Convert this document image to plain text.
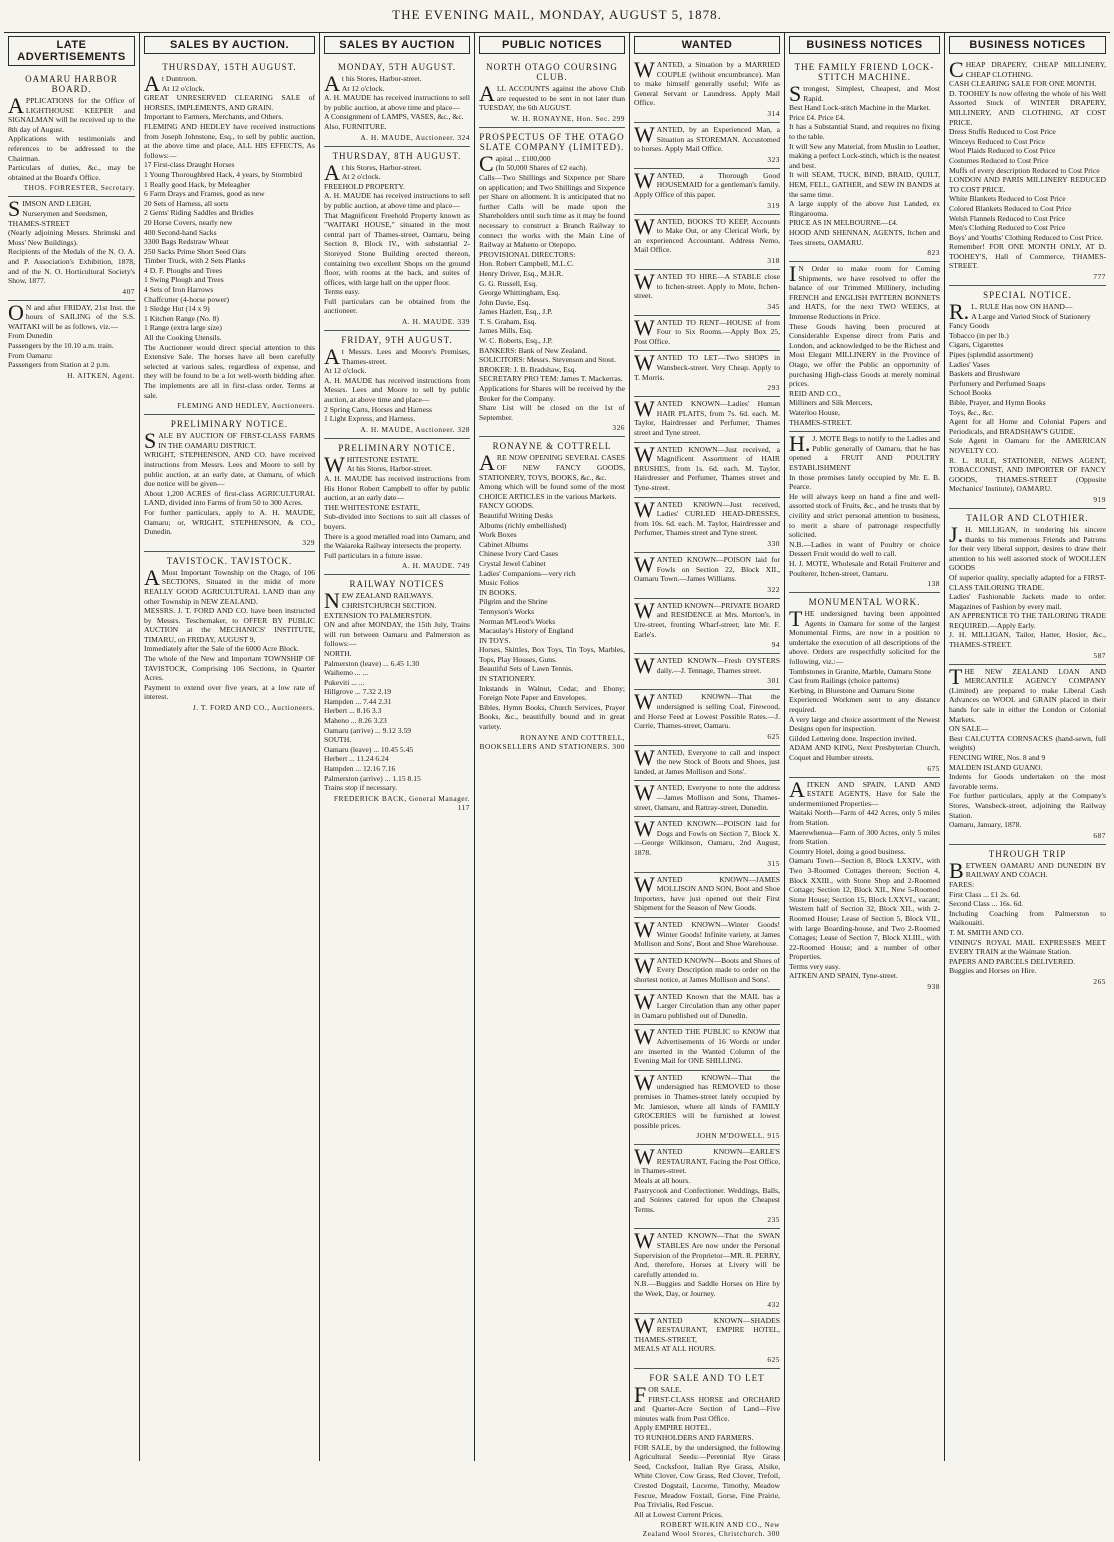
THE EVENING MAIL, MONDAY, AUGUST 5, 1878.
LATE ADVERTISEMENTS
OAMARU HARBOR BOARD.

APPLICATIONS for the Office of LIGHTHOUSE KEEPER and SIGNALMAN will be received up to the 8th day of August.
Applications with testimonials and references to be addressed to the Chairman.
Particulars of duties, &c., may be obtained at the Board's Office.

THOS. FORRESTER, Secretary.

SIMSON AND LEIGH,
Nurserymen and Seedsmen,
THAMES-STREET
(Nearly adjoining Messrs. Shrimski and Moss' New Buildings).
Recipients of the Medals of the N. O. A. and P. Association's Exhibition, 1878, and of the N. O. Horticultural Society's Show, 1877.

407

ON and after FRIDAY, 21st Inst. the hours of SAILING of the S.S. WAITAKI will be as follows, viz.—
From Dunedin
Passengers by the 10.10 a.m. train.
From Oamaru:
Passengers from Station at 2 p.m.

H. AITKEN, Agent.
SALES BY AUCTION.
THURSDAY, 15TH AUGUST.

At Duntroon.
At 12 o'clock.
GREAT UNRESERVED CLEARING SALE of HORSES, IMPLEMENTS, AND GRAIN.
Important to Farmers, Merchants, and Others.
FLEMING AND HEDLEY have received instructions from Joseph Johnstone, Esq., to sell by public auction, at the above time and place, ALL HIS EFFECTS, As follows:—
17 First-class Draught Horses
1 Young Thoroughbred Hack, 4 years, by Stormbird
1 Really good Hack, by Meleagher
6 Farm Drays and Frames, good as new
20 Sets of Harness, all sorts
2 Gents' Riding Saddles and Bridles
20 Horse Covers, nearly new
400 Second-hand Sacks
3300 Bags Redstraw Wheat
250 Sacks Prime Short Seed Oats
Timber Truck, with 2 Sets Planks
4 D. F. Ploughs and Trees
1 Swing Plough and Trees
4 Sets of Iron Harrows
Chaffcutter (4-horse power)
1 Sledge Hut (14 x 9)
1 Kitchen Range (No. 8)
1 Range (extra large size)
All the Cooking Utensils.
The Auctioneer would direct special attention to this Extensive Sale. The horses have all been carefully selected at various sales, regardless of expense, and they will be found to be a lot well-worth bidding after. The implements are all in first-class order. Terms at sale.

FLEMING AND HEDLEY, Auctioneers.
PRELIMINARY NOTICE.

SALE BY AUCTION OF FIRST-CLASS FARMS IN THE OAMARU DISTRICT.
WRIGHT, STEPHENSON, AND CO. have received instructions from Messrs. Lees and Moore to sell by public auction, at an early date, at Oamaru, of which due notice will be given—
About 1,200 ACRES of first-class AGRICULTURAL LAND, divided into Farms of from 50 to 300 Acres.
For further particulars, apply to A. H. MAUDE, Oamaru; or, WRIGHT, STEPHENSON, & CO., Dunedin.

329
TAVISTOCK. TAVISTOCK.

AMost Important Township on the Otago, of 106 SECTIONS, Situated in the midst of more REALLY GOOD AGRICULTURAL LAND than any other Township in NEW ZEALAND.
MESSRS. J. T. FORD AND CO. have been instructed by Messrs. Teschemaker, to OFFER BY PUBLIC AUCTION at the MECHANICS' INSTITUTE, TIMARU, on FRIDAY, AUGUST 9,
Immediately after the Sale of the 6000 Acre Block.
The whole of the New and Important TOWNSHIP OF TAVISTOCK, Comprising 106 Sections, in Quarter Acres.
Payment to extend over five years, at a low rate of interest.

J. T. FORD AND CO., Auctioneers.
SALES BY AUCTION
MONDAY, 5TH AUGUST.

At his Stores, Harbor-street.
At 12 o'clock.
A. H. MAUDE has received instructions to sell by public auction, at above time and place—
A Consignment of LAMPS, VASES, &c., &c.
Also, FURNITURE.

A. H. MAUDE, Auctioneer. 324
THURSDAY, 8TH AUGUST.

At his Stores, Harbor-street.
At 2 o'clock.
FREEHOLD PROPERTY.
A. H. MAUDE has received instructions to sell by public auction, at above time and place—
That Magnificent Freehold Property known as "WAITAKI HOUSE," situated in the most central part of Thames-street, Oamaru, being Section 8, Block IV., with substantial 2-Storeyed Stone Building erected thereon, containing two excellent Shops on the ground floor, with rooms at the back, and suites of offices, with large hall on the upper floor.
Terms easy.
Full particulars can be obtained from the auctioneer.

A. H. MAUDE. 339
FRIDAY, 9TH AUGUST.

At Messrs. Lees and Moore's Premises, Thames-street.
At 12 o'clock.
A. H. MAUDE has received instructions from Messrs. Lees and Moore to sell by public auction, at above time and place—
2 Spring Carts, Horses and Harness
1 Light Express, and Harness.

A. H. MAUDE, Auctioneer. 328
PRELIMINARY NOTICE.

WHITESTONE ESTATE.
At his Stores, Harbor-street.
A. H. MAUDE has received instructions from His Honor Robert Campbell to offer by public auction, at an early date—
THE WHITESTONE ESTATE,
Sub-divided into Sections to suit all classes of buyers.
There is a good metalled road into Oamaru, and the Waiareka Railway intersects the property.
Full particulars in a future issue.

A. H. MAUDE. 749
RAILWAY NOTICES

NEW ZEALAND RAILWAYS.
CHRISTCHURCH SECTION.
EXTENSION TO PALMERSTON.
ON and after MONDAY, the 15th July, Trains will run between Oamaru and Palmerston as follows:—
NORTH.
Palmerston (leave) ... 6.45 1.30
Waihemo ... ...
Pukeviti ... ...
Hillgrove ... 7.32 2.19
Hampden ... 7.44 2.31
Herbert ... 8.16 3.3
Maheno ... 8.26 3.23
Oamaru (arrive) ... 9.12 3.59
SOUTH.
Oamaru (leave) ... 10.45 5.45
Herbert ... 11.24 6.24
Hampden ... 12.16 7.16
Palmerston (arrive) ... 1.15 8.15
Trains stop if necessary.

FREDERICK BACK, General Manager. 117
PUBLIC NOTICES
NORTH OTAGO COURSING CLUB.

ALL ACCOUNTS against the above Club are requested to be sent in not later than TUESDAY, the 6th AUGUST.

W. H. RONAYNE, Hon. Sec. 299
PROSPECTUS OF THE OTAGO SLATE COMPANY (LIMITED).

Capital ... £100,000
(In 50,000 Shares of £2 each).
Calls—Two Shillings and Sixpence per Share on application; and Two Shillings and Sixpence per Share on allotment. It is anticipated that no further Calls will be made upon the Shareholders until such time as it may be found necessary to construct a Branch Railway to connect the works with the Main Line of Railway at Maheno or Otepopo.
PROVISIONAL DIRECTORS:
Hon. Robert Campbell, M.L.C.
Henry Driver, Esq., M.H.R.
G. G. Russell, Esq.
George Whittingham, Esq.
John Davie, Esq.
James Hazlett, Esq., J.P.
T. S. Graham, Esq.
James Mills, Esq.
W. C. Roberts, Esq., J.P.
BANKERS: Bank of New Zealand.
SOLICITORS: Messrs. Stevenson and Stout.
BROKER: J. B. Bradshaw, Esq.
SECRETARY PRO TEM: James T. Mackerras.
Applications for Shares will be received by the Broker for the Company.
Share List will be closed on the 1st of September.

326
RONAYNE & COTTRELL

ARE NOW OPENING SEVERAL CASES OF NEW FANCY GOODS, STATIONERY, TOYS, BOOKS, &c., &c.
Among which will be found some of the most CHOICE ARTICLES in the various Markets.
FANCY GOODS.
Beautiful Writing Desks
Albums (richly embellished)
Work Boxes
Cabinet Albums
Chinese Ivory Card Cases
Crystal Jewel Cabinet
Ladies' Companions—very rich
Music Folios
IN BOOKS.
Pilgrim and the Shrine
Tennyson's Works
Norman M'Leod's Works
Macaulay's History of England
IN TOYS.
Horses, Skittles, Box Toys, Tin Toys, Marbles, Tops, Play Houses, Guns.
Beautiful Sets of Lawn Tennis.
IN STATIONERY.
Inkstands in Walnut, Cedar, and Ebony; Foreign Note Paper and Envelopes.
Bibles, Hymn Books, Church Services, Prayer Books, &c., beautifully bound and in great variety.

RONAYNE AND COTTRELL, BOOKSELLERS AND STATIONERS. 300
WANTED

WANTED, a Situation by a MARRIED COUPLE (without encumbrance). Man to make himself generally useful; Wife as General Servant or Laundress. Apply Mail Office.

314

WANTED, by an Experienced Man, a Situation as STOREMAN. Accustomed to horses. Apply Mail Office.

323

WANTED, a Thorough Good HOUSEMAID for a gentleman's family. Apply Office of this paper.

319

WANTED, BOOKS TO KEEP, Accounts to Make Out, or any Clerical Work, by an experienced Accountant. Address Nemo, Mail Office.

318

WANTED TO HIRE—A STABLE close to Itchen-street. Apply to Mote, Itchen-street.

345

WANTED TO RENT—HOUSE of from Four to Six Rooms.—Apply Box 25, Post Office.

WANTED TO LET—Two SHOPS in Wansbeck-street. Very Cheap. Apply to T. Morris.

293

WANTED KNOWN—Ladies' Human HAIR PLAITS, from 7s. 6d. each. M. Taylor, Hairdresser and Perfumer, Thames street and Tyne street.

WANTED KNOWN—Just received, a Magnificent Assortment of HAIR BRUSHES, from 1s. 6d. each. M. Taylor, Hairdresser and Perfumer, Thames street and Tyne-street.

WANTED KNOWN—Just received, Ladies' CURLED HEAD-DRESSES, from 10s. 6d. each. M. Taylor, Hairdresser and Perfumer, Thames street and Tyne street.

330

WANTED KNOWN—POISON laid for Fowls on Section 22, Block XII., Oamaru Town.—James Williams.

322

WANTED KNOWN—PRIVATE BOARD and RESIDENCE at Mrs. Morton's, in Ure-street, fronting Wharf-street; late Mr. F. Earle's.

94

WANTED KNOWN—Fresh OYSTERS daily.—J. Tennage, Thames street.

301

WANTED KNOWN—That the undersigned is selling Coal, Firewood, and Horse Feed at Lowest Possible Rates.—J. Currie, Thames-street, Oamaru.

625

WANTED, Everyone to call and inspect the new Stock of Boots and Shoes, just landed, at James Mollison and Sons'.

WANTED, Everyone to note the address—James Mollison and Sons, Thames-street, Oamaru, and Rattray-street, Dunedin.

WANTED KNOWN—POISON laid for Dogs and Fowls on Section 7, Block X.—George Wilkinson, Oamaru, 2nd August, 1878.

315

WANTED KNOWN—JAMES MOLLISON AND SON, Boot and Shoe Importers, have just opened out their First Shipment for the Season of New Goods.

WANTED KNOWN—Winter Goods! Winter Goods! Infinite variety, at James Mollison and Sons', Boot and Shoe Warehouse.

WANTED KNOWN—Boots and Shoes of Every Description made to order on the shortest notice, at James Mollison and Sons'.

WANTED Known that the MAIL has a Larger Circulation than any other paper in Oamaru published out of Dunedin.

WANTED THE PUBLIC to KNOW that Advertisements of 16 Words or under are inserted in the Wanted Column of the Evening Mail for ONE SHILLING.

WANTED KNOWN—That the undersigned has REMOVED to those premises in Thames-street lately occupied by Mr. Jamieson, where all kinds of FAMILY GROCERIES will be furnished at lowest possible prices.

JOHN M'DOWELL. 915

WANTED KNOWN—EARLE'S RESTAURANT, Facing the Post Office, in Thames-street.
Meals at all hours.
Pastrycook and Confectioner. Weddings, Balls, and Soirees catered for upon the Cheapest Terms.

235

WANTED KNOWN—That the SWAN STABLES Are now under the Personal Supervision of the Proprietor—MR. R. PERRY, And, therefore, Horses at Livery will be carefully attended to.
N.B.—Buggies and Saddle Horses on Hire by the Week, Day, or Journey.

432

WANTED KNOWN—SHADES RESTAURANT, EMPIRE HOTEL, THAMES-STREET,
MEALS AT ALL HOURS.

625
FOR SALE AND TO LET

FOR SALE.
FIRST-CLASS HORSE and ORCHARD and Quarter-Acre Section of Land—Five minutes walk from Post Office.
Apply EMPIRE HOTEL.
TO RUNHOLDERS AND FARMERS.
FOR SALE, by the undersigned, the following Agricultural Seeds:—Perennial Rye Grass Seed, Cocksfoot, Italian Rye Grass, Alsike, White Clover, Cow Grass, Red Clover, Trefoil, Crested Dogstail, Lucerne, Timothy, Meadow Fescue, Meadow Foxtail, Gorse, Fine Prairie, Poa Trivialis, Red Fescue.
All at Lowest Current Prices.

ROBERT WILKIN AND CO., New Zealand Wool Stores, Christchurch. 300
BUSINESS NOTICES
THE FAMILY FRIEND LOCK-STITCH MACHINE.

Strongest, Simplest, Cheapest, and Most Rapid.
Best Hand Lock-stitch Machine in the Market.
Price £4. Price £4.
It has a Substantial Stand, and requires no fixing to the table.
It will Sew any Material, from Muslin to Leather, making a perfect Lock-stitch, which is the neatest and best.
It will SEAM, TUCK, BIND, BRAID, QUILT, HEM, FELL, GATHER, and SEW IN BANDS at the same time.
A large supply of the above Just Landed, ex Ringarooma.
PRICE AS IN MELBOURNE—£4.
HOOD AND SHENNAN, AGENTS, Itchen and Tees streets, OAMARU.

823

IN Order to make room for Coming Shipments, we have resolved to offer the balance of our Trimmed Millinery, including FRENCH and ENGLISH PATTERN BONNETS and HATS, for the next TWO WEEKS, at Immense Reductions in Price.
These Goods having been procured at Considerable Expense direct from Paris and London, and acknowledged to be the Richest and Most Elegant MILLINERY in the Province of Otago, we offer the Public an opportunity of purchasing High-class Goods at merely nominal prices.
REID AND CO.,
Milliners and Silk Mercers,
Waterloo House,
THAMES-STREET.

H.J. MOTE Begs to notify to the Ladies and Public generally of Oamaru, that he has opened a FRUIT AND POULTRY ESTABLISHMENT
In those premises lately occupied by Mr. E. B. Pearce.
He will always keep on hand a fine and well-assorted stock of Fruits, &c., and he trusts that by civility and strict personal attention to business, to merit a share of patronage respectfully solicited.
N.B.—Ladies in want of Poultry or choice Dessert Fruit would do well to call.
H. J. MOTE, Wholesale and Retail Fruiterer and Poulterer, Itchen-street, Oamaru.

138
MONUMENTAL WORK.

THE undersigned having been appointed Agents in Oamaru for some of the largest Monumental Firms, are now in a position to undertake the execution of all descriptions of the above. Orders are respectfully solicited for the following, viz.:—
Tombstones in Granite, Marble, Oamaru Stone
Cast from Railings (choice patterns)
Kerbing, in Bluestone and Oamaru Stone
Experienced Workmen sent to any distance required.
A very large and choice assortment of the Newest Designs open for inspection.
Gilded Lettering done. Inspection invited.
ADAM AND KING, Next Presbyterian Church, Coquet and Humber streets.

675

AITKEN AND SPAIN, LAND AND ESTATE AGENTS, Have for Sale the undermentioned Properties—
Waitaki North—Farm of 442 Acres, only 5 miles from Station.
Maerewhenua—Farm of 300 Acres, only 5 miles from Station.
Country Hotel, doing a good business.
Oamaru Town—Section 8, Block LXXIV., with Two 3-Roomed Cottages thereon; Section 4, Block XXIII., with Stone Shop and 2-Roomed Cottage; Section 12, Block XII., New 5-Roomed Stone House; Section 15, Block LXXVI., vacant; Western half of Section 32, Block XII., with 2-Roomed House; Lease of Section 5, Block VII., with large Boarding-house, and Two 2-Roomed Cottages; Lease of Section 7, Block XLIII., with 22-Roomed House; and a number of other Properties.
Terms very easy.
AITKEN AND SPAIN, Tyne-street.

938
BUSINESS NOTICES

CHEAP DRAPERY, CHEAP MILLINERY, CHEAP CLOTHING.
CASH CLEARING SALE FOR ONE MONTH.
D. TOOHEY Is now offering the whole of his Well Assorted Stock of WINTER DRAPERY, MILLINERY, AND CLOTHING, AT COST PRICE.
Dress Stuffs Reduced to Cost Price
Winceys Reduced to Cost Price
Wool Plaids Reduced to Cost Price
Costumes Reduced to Cost Price
Muffs of every description Reduced to Cost Price
LONDON AND PARIS MILLINERY REDUCED TO COST PRICE.
White Blankets Reduced to Cost Price
Colored Blankets Reduced to Cost Price
Welsh Flannels Reduced to Cost Price
Men's Clothing Reduced to Cost Price
Boys' and Youths' Clothing Reduced to Cost Price.
Remember! FOR ONE MONTH ONLY, AT D. TOOHEY'S, Hall of Commerce, THAMES-STREET.

777
SPECIAL NOTICE.

R.L. RULE Has now ON HAND—
A Large and Varied Stock of Stationery
Fancy Goods
Tobacco (in per lb.)
Cigars, Cigarettes
Pipes (splendid assortment)
Ladies' Vases
Baskets and Brushware
Perfumery and Perfumed Soaps
School Books
Bible, Prayer, and Hymn Books
Toys, &c., &c.
Agent for all Home and Colonial Papers and Periodicals, and BRADSHAW'S GUIDE.
Sole Agent in Oamaru for the AMERICAN NOVELTY CO.
R. L. RULE, STATIONER, NEWS AGENT, TOBACCONIST, AND IMPORTER OF FANCY GOODS, THAMES-STREET (Opposite Mechanics' Institute), OAMARU.

919
TAILOR AND CLOTHIER.

J.H. MILLIGAN, in tendering his sincere thanks to his numerous Friends and Patrons for their very liberal support, desires to draw their attention to his well assorted stock of WOOLLEN GOODS
Of superior quality, specially adapted for a FIRST-CLASS TAILORING TRADE.
Ladies' Fashionable Jackets made to order. Magazines of Fashion by every mail.
AN APPRENTICE TO THE TAILORING TRADE REQUIRED.—Apply Early.
J. H. MILLIGAN, Tailor, Hatter, Hosier, &c., THAMES-STREET.

587

THE NEW ZEALAND LOAN AND MERCANTILE AGENCY COMPANY (Limited) are prepared to make Liberal Cash Advances on WOOL and GRAIN placed in their hands for sale in either the London or Colonial Markets.
ON SALE—
Best CALCUTTA CORNSACKS (hand-sewn, full weights)
FENCING WIRE, Nos. 8 and 9
MALDEN ISLAND GUANO.
Indents for Goods undertaken on the most favorable terms.
For further particulars, apply at the Company's Stores, Wansbeck-street, adjoining the Railway Station.
Oamaru, January, 1878.

687
THROUGH TRIP

BETWEEN OAMARU AND DUNEDIN BY RAILWAY AND COACH.
FARES:
First Class ... £1 2s. 6d.
Second Class ... 16s. 6d.
Including Coaching from Palmerston to Waikouaiti.
T. M. SMITH AND CO.
VINING'S ROYAL MAIL EXPRESSES MEET EVERY TRAIN at the Waimate Station.
PAPERS AND PARCELS DELIVERED.
Buggies and Horses on Hire.

265
